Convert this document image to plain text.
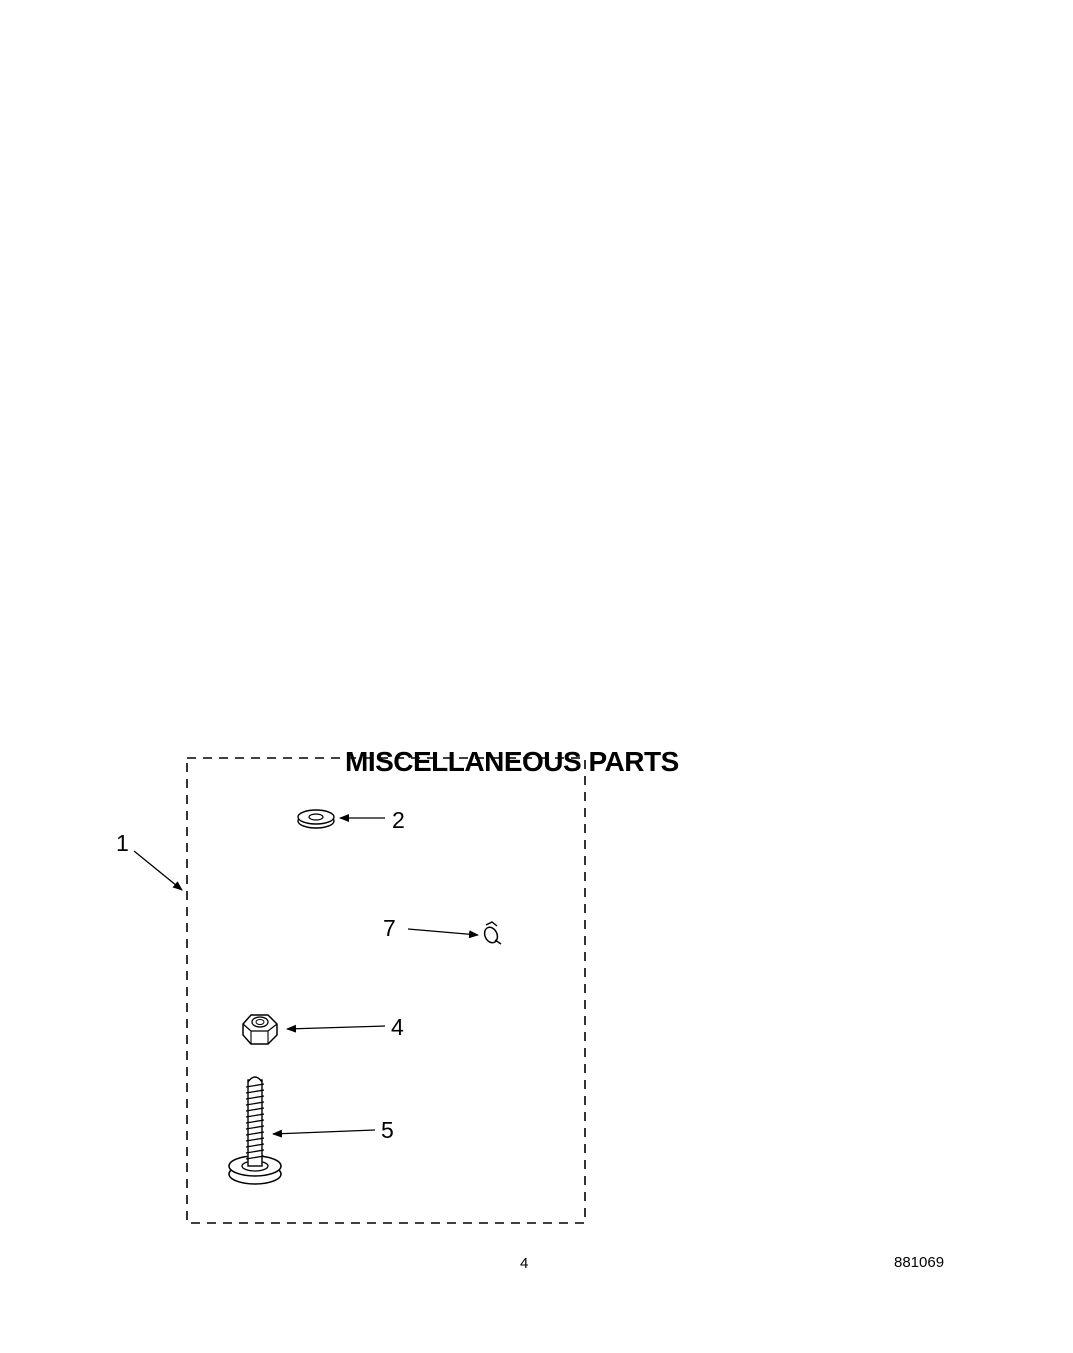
MISCELLANEOUS PARTS
1
2
7
4
5
4	881069
